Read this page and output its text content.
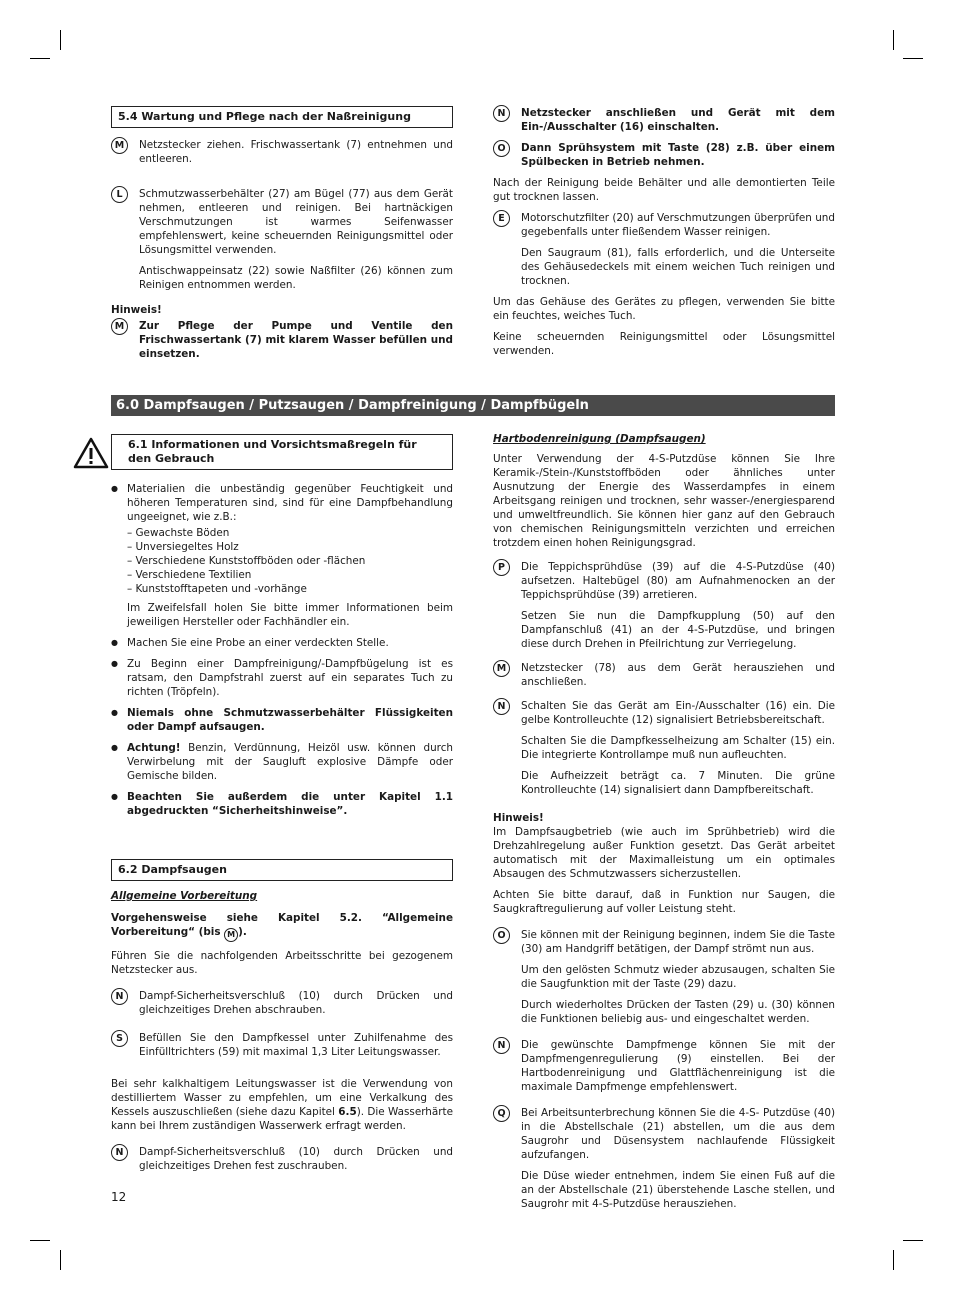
5.4 Wartung und Pflege nach der Naßreinigung
M	Netzstecker ziehen. Frischwassertank (7) entnehmen und entleeren.
L	Schmutzwasserbehälter (27) am Bügel (77) aus dem Gerät nehmen, entleeren und reinigen. Bei hartnäckigen Verschmutzungen ist warmes Seifenwasser empfehlenswert, keine scheuernden Reinigungsmittel oder Lösungsmittel verwenden.
Antischwappeinsatz (22) sowie Naßfilter (26) können zum Reinigen entnommen werden.
Hinweis!
M	Zur Pflege der Pumpe und Ventile den Frischwassertank (7) mit klarem Wasser befüllen und einsetzen.
N	Netzstecker anschließen und Gerät mit dem Ein-/Ausschalter (16) einschalten.
O	Dann Sprühsystem mit Taste (28) z.B. über einem Spülbecken in Betrieb nehmen.
Nach der Reinigung beide Behälter und alle demontierten Teile gut trocknen lassen.
E	Motorschutzfilter (20) auf Verschmutzungen überprüfen und gegebenfalls unter fließendem Wasser reinigen.
Den Saugraum (81), falls erforderlich, und die Unterseite des Gehäusedeckels mit einem weichen Tuch reinigen und trocknen.
Um das Gehäuse des Gerätes zu pflegen, verwenden Sie bitte ein feuchtes, weiches Tuch.
Keine scheuernden Reinigungsmittel oder Lösungsmittel verwenden.
6.0 Dampfsaugen / Putzsaugen / Dampfreinigung / Dampfbügeln
6.1 Informationen und Vorsichtsmaßregeln für den Gebrauch
● Materialien die unbeständig gegenüber Feuchtigkeit und höheren Temperaturen sind, sind für eine Dampfbehandlung ungeeignet, wie z.B.:
– Gewachste Böden
– Unversiegeltes Holz
– Verschiedene Kunststoffböden oder -flächen
– Verschiedene Textilien
– Kunststofftapeten und -vorhänge
Im Zweifelsfall holen Sie bitte immer Informationen beim jeweiligen Hersteller oder Fachhändler ein.
● Machen Sie eine Probe an einer verdeckten Stelle.
● Zu Beginn einer Dampfreinigung/-Dampfbügelung ist es ratsam, den Dampfstrahl zuerst auf ein separates Tuch zu richten (Tröpfeln).
● Niemals ohne Schmutzwasserbehälter Flüssigkeiten oder Dampf aufsaugen.
● Achtung! Benzin, Verdünnung, Heizöl usw. können durch Verwirbelung mit der Saugluft explosive Dämpfe oder Gemische bilden.
● Beachten Sie außerdem die unter Kapitel 1.1 abgedruckten “Sicherheitshinweise”.
6.2 Dampfsaugen
Allgemeine Vorbereitung
Vorgehensweise siehe Kapitel 5.2. “Allgemeine Vorbereitung“ (bis M ).
Führen Sie die nachfolgenden Arbeitsschritte bei gezogenem Netzstecker aus.
N	Dampf-Sicherheitsverschluß (10) durch Drücken und gleichzeitiges Drehen abschrauben.
S	Befüllen Sie den Dampfkessel unter Zuhilfenahme des Einfülltrichters (59) mit maximal 1,3 Liter Leitungswasser.
Bei sehr kalkhaltigem Leitungswasser ist die Verwendung von destilliertem Wasser zu empfehlen, um eine Verkalkung des Kessels auszuschließen (siehe dazu Kapitel 6.5). Die Wasserhärte kann bei Ihrem zuständigen Wasserwerk erfragt werden.
N	Dampf-Sicherheitsverschluß (10) durch Drücken und gleichzeitiges Drehen fest zuschrauben.
Hartbodenreinigung (Dampfsaugen)
Unter Verwendung der 4-S-Putzdüse können Sie Ihre Keramik-/Stein-/Kunststoffböden oder ähnliches unter Ausnutzung der Energie des Wasserdampfes in einem Arbeitsgang reinigen und trocknen, sehr wasser-/energiesparend und umweltfreundlich. Sie können hier ganz auf den Gebrauch von chemischen Reinigungsmitteln verzichten und erreichen trotzdem einen hohen Reinigungsgrad.
P	Die Teppichsprühdüse (39) auf die 4-S-Putzdüse (40) aufsetzen. Haltebügel (80) am Aufnahmenocken an der Teppichsprühdüse (39) arretieren.
Setzen Sie nun die Dampfkupplung (50) auf den Dampfanschluß (41) an der 4-S-Putzdüse, und bringen diese durch Drehen in Pfeilrichtung zur Verriegelung.
M	Netzstecker (78) aus dem Gerät herausziehen und anschließen.
N	Schalten Sie das Gerät am Ein-/Ausschalter (16) ein. Die gelbe Kontrolleuchte (12) signalisiert Betriebsbereitschaft.
Schalten Sie die Dampfkesselheizung am Schalter (15) ein. Die integrierte Kontrollampe muß nun aufleuchten.
Die Aufheizzeit beträgt ca. 7 Minuten. Die grüne Kontrolleuchte (14) signalisiert dann Dampfbereitschaft.
Hinweis!
Im Dampfsaugbetrieb (wie auch im Sprühbetrieb) wird die Drehzahlregelung außer Funktion gesetzt. Das Gerät arbeitet automatisch mit der Maximalleistung um ein optimales Absaugen des Schmutzwassers sicherzustellen.
Achten Sie bitte darauf, daß in Funktion nur Saugen, die Saugkraftregulierung auf voller Leistung steht.
O	Sie können mit der Reinigung beginnen, indem Sie die Taste (30) am Handgriff betätigen, der Dampf strömt nun aus.
Um den gelösten Schmutz wieder abzusaugen, schalten Sie die Saugfunktion mit der Taste (29) dazu.
Durch wiederholtes Drücken der Tasten (29) u. (30) können die Funktionen beliebig aus- und eingeschaltet werden.
N	Die gewünschte Dampfmenge können Sie mit der Dampfmengenregulierung (9) einstellen. Bei der Hartbodenreinigung und Glattflächenreinigung ist die maximale Dampfmenge empfehlenswert.
Q	Bei Arbeitsunterbrechung können Sie die 4-S- Putzdüse (40) in die Abstellschale (21) abstellen, um die aus dem Saugrohr und Düsensystem nachlaufende Flüssigkeit aufzufangen.
Die Düse wieder entnehmen, indem Sie einen Fuß auf die an der Abstellschale (21) überstehende Lasche stellen, und Saugrohr mit 4-S-Putzdüse herausziehen.
12
